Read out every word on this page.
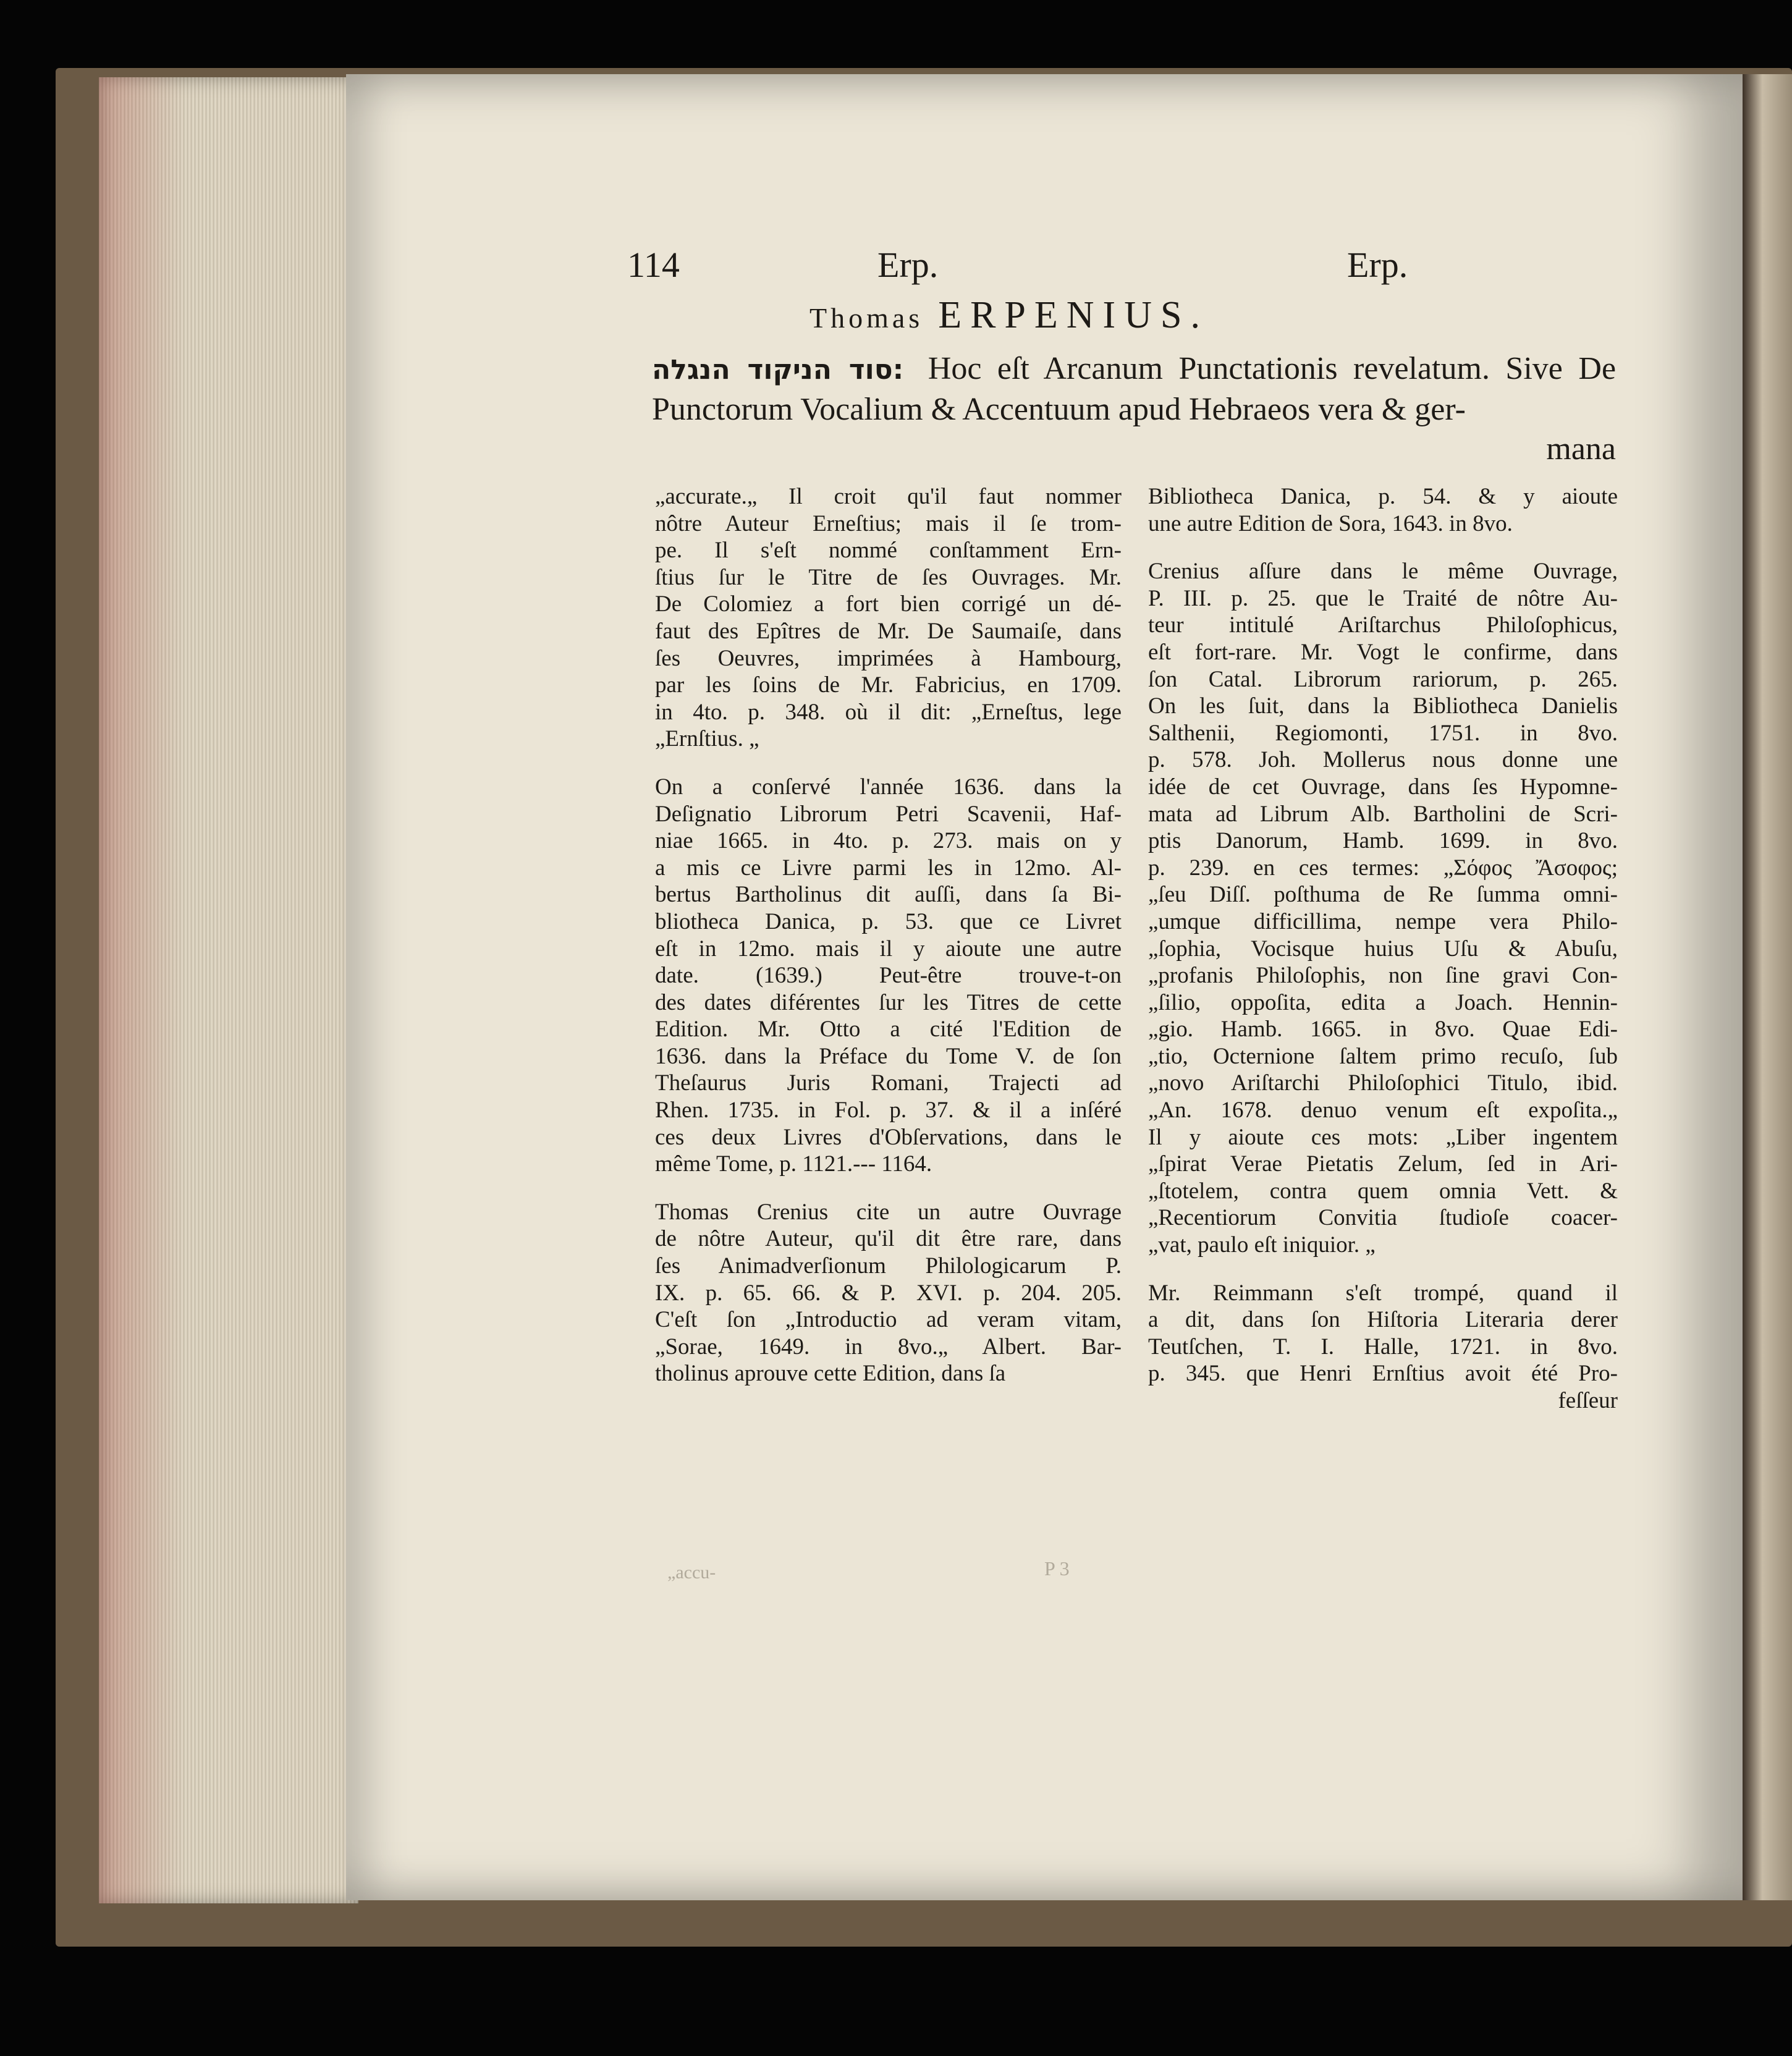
114	Erp.	Erp.
Thomas ERPENIUS.
:סוד הניקוד הנגלה Hoc eſt Arcanum Punctationis revelatum. Sive De Punctorum Vocalium & Accentuum apud Hebraeos vera & ger-
mana
„accurate.„ Il croit qu'il faut nommer
nôtre Auteur Erneſtius; mais il ſe trom-
pe. Il s'eſt nommé conſtamment Ern-
ſtius ſur le Titre de ſes Ouvrages. Mr.
De Colomiez a fort bien corrigé un dé-
faut des Epîtres de Mr. De Saumaiſe, dans
ſes Oeuvres, imprimées à Hambourg,
par les ſoins de Mr. Fabricius, en 1709.
in 4to. p. 348. où il dit: „Erneſtus, lege
„Ernſtius. „
On a conſervé l'année 1636. dans la
Deſignatio Librorum Petri Scavenii, Haf-
niae 1665. in 4to. p. 273. mais on y
a mis ce Livre parmi les in 12mo. Al-
bertus Bartholinus dit auſſi, dans ſa Bi-
bliotheca Danica, p. 53. que ce Livret
eſt in 12mo. mais il y aioute une autre
date. (1639.) Peut-être trouve-t-on
des dates diférentes ſur les Titres de cette
Edition. Mr. Otto a cité l'Edition de
1636. dans la Préface du Tome V. de ſon
Theſaurus Juris Romani, Trajecti ad
Rhen. 1735. in Fol. p. 37. & il a inſéré
ces deux Livres d'Obſervations, dans le
même Tome, p. 1121.--- 1164.
Thomas Crenius cite un autre Ouvrage
de nôtre Auteur, qu'il dit être rare, dans
ſes Animadverſionum Philologicarum P.
IX. p. 65. 66. & P. XVI. p. 204. 205.
C'eſt ſon „Introductio ad veram vitam,
„Sorae, 1649. in 8vo.„ Albert. Bar-
tholinus aprouve cette Edition, dans ſa
Bibliotheca Danica, p. 54. & y aioute
une autre Edition de Sora, 1643. in 8vo.
Crenius aſſure dans le même Ouvrage,
P. III. p. 25. que le Traité de nôtre Au-
teur intitulé Ariſtarchus Philoſophicus,
eſt fort-rare. Mr. Vogt le confirme, dans
ſon Catal. Librorum rariorum, p. 265.
On les ſuit, dans la Bibliotheca Danielis
Salthenii, Regiomonti, 1751. in 8vo.
p. 578. Joh. Mollerus nous donne une
idée de cet Ouvrage, dans ſes Hypomne-
mata ad Librum Alb. Bartholini de Scri-
ptis Danorum, Hamb. 1699. in 8vo.
p. 239. en ces termes: „Σόφος Ἄσοφος;
„ſeu Diſſ. poſthuma de Re ſumma omni-
„umque difficillima, nempe vera Philo-
„ſophia, Vocisque huius Uſu & Abuſu,
„profanis Philoſophis, non ſine gravi Con-
„ſilio, oppoſita, edita a Joach. Hennin-
„gio. Hamb. 1665. in 8vo. Quae Edi-
„tio, Octernione ſaltem primo recuſo, ſub
„novo Ariſtarchi Philoſophici Titulo, ibid.
„An. 1678. denuo venum eſt expoſita.„
Il y aioute ces mots: „Liber ingentem
„ſpirat Verae Pietatis Zelum, ſed in Ari-
„ſtotelem, contra quem omnia Vett. &
„Recentiorum Convitia ſtudioſe coacer-
„vat, paulo eſt iniquior. „
Mr. Reimmann s'eſt trompé, quand il
a dit, dans ſon Hiſtoria Literaria derer
Teutſchen, T. I. Halle, 1721. in 8vo.
p. 345. que Henri Ernſtius avoit été Pro-
feſſeur
„accu-	P 3
